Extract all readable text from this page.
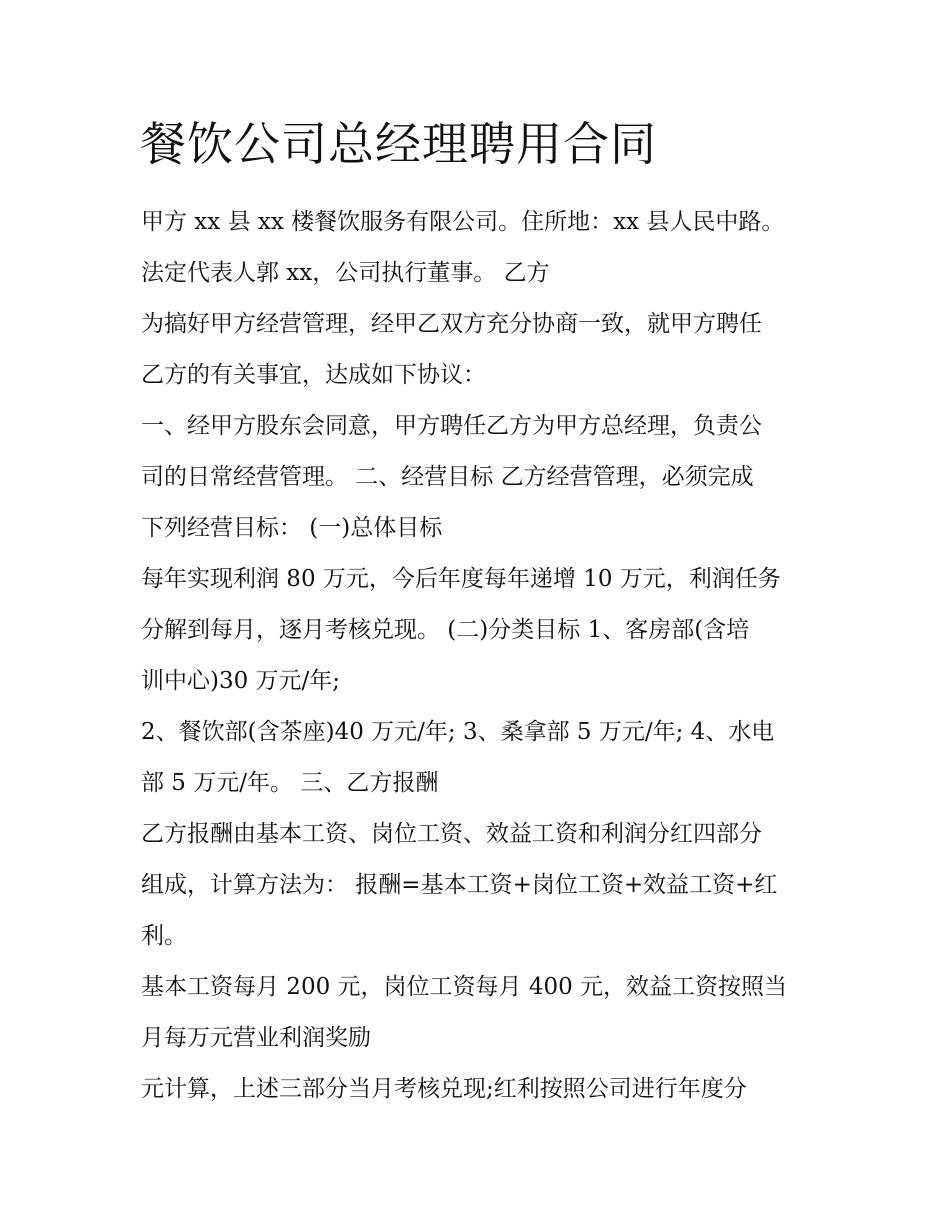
餐饮公司总经理聘用合同
甲方 xx 县 xx 楼餐饮服务有限公司。住所地：xx 县人民中路。
法定代表人郭 xx，公司执行董事。 乙方
为搞好甲方经营管理，经甲乙双方充分协商一致，就甲方聘任
乙方的有关事宜，达成如下协议：
一、经甲方股东会同意，甲方聘任乙方为甲方总经理，负责公
司的日常经营管理。 二、经营目标 乙方经营管理，必须完成
下列经营目标： (一)总体目标
每年实现利润 80 万元，今后年度每年递增 10 万元，利润任务
分解到每月，逐月考核兑现。 (二)分类目标 1、客房部(含培
训中心)30 万元/年;
2、餐饮部(含茶座)40 万元/年; 3、桑拿部 5 万元/年; 4、水电
部 5 万元/年。 三、乙方报酬
乙方报酬由基本工资、岗位工资、效益工资和利润分红四部分
组成，计算方法为： 报酬=基本工资+岗位工资+效益工资+红
利。
基本工资每月 200 元，岗位工资每月 400 元，效益工资按照当
月每万元营业利润奖励
元计算，上述三部分当月考核兑现;红利按照公司进行年度分
